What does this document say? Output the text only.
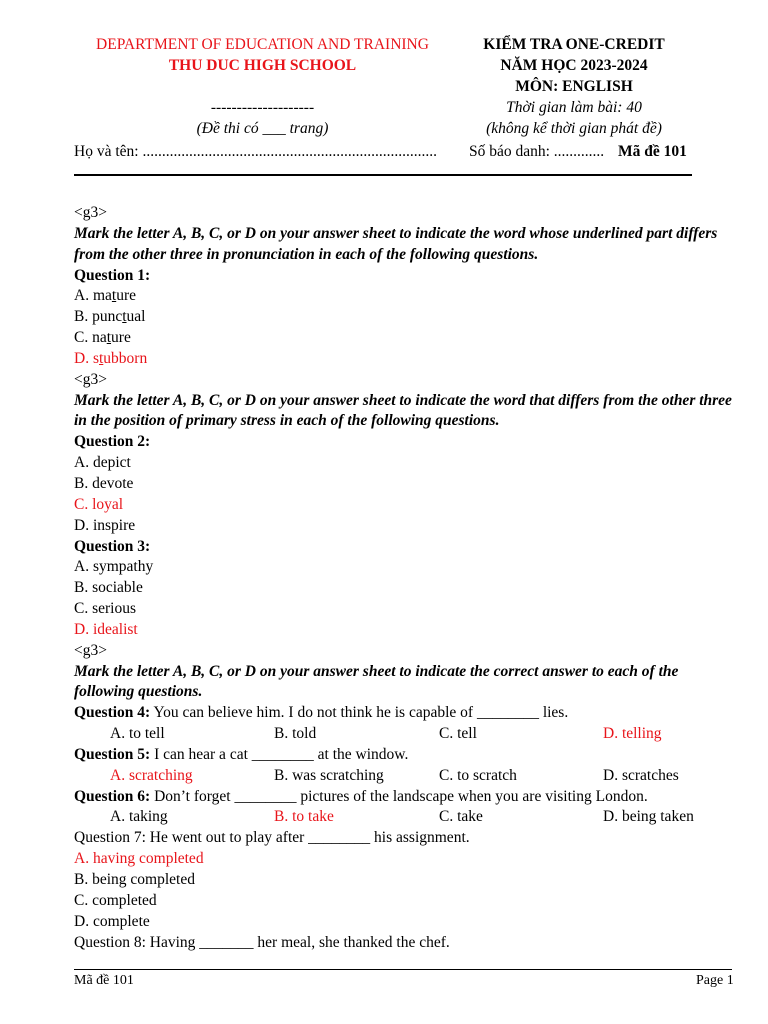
DEPARTMENT OF EDUCATION AND TRAINING
THU DUC HIGH SCHOOL
--------------------
(Đề thi có ___ trang)
KIỂM TRA ONE-CREDIT
NĂM HỌC 2023-2024
MÔN: ENGLISH
Thời gian làm bài: 40
(không kể thời gian phát đề)
Họ và tên: ............................................................................ Số báo danh: ............. Mã đề 101
<g3>
Mark the letter A, B, C, or D on your answer sheet to indicate the word whose underlined part differs from the other three in pronunciation in each of the following questions.
Question 1:
A. mature
B. punctual
C. nature
D. stubborn
<g3>
Mark the letter A, B, C, or D on your answer sheet to indicate the word that differs from the other three in the position of primary stress in each of the following questions.
Question 2:
A. depict
B. devote
C. loyal
D. inspire
Question 3:
A. sympathy
B. sociable
C. serious
D. idealist
<g3>
Mark the letter A, B, C, or D on your answer sheet to indicate the correct answer to each of the following questions.
Question 4: You can believe him. I do not think he is capable of ________ lies.
A. to tell	B. told	C. tell	D. telling
Question 5: I can hear a cat ________ at the window.
A. scratching	B. was scratching	C. to scratch	D. scratches
Question 6: Don’t forget ________ pictures of the landscape when you are visiting London.
A. taking	B. to take	C. take	D. being taken
Question 7: He went out to play after ________ his assignment.
A. having completed
B. being completed
C. completed
D. complete
Question 8: Having _______ her meal, she thanked the chef.
Mã đề 101	Page 1
